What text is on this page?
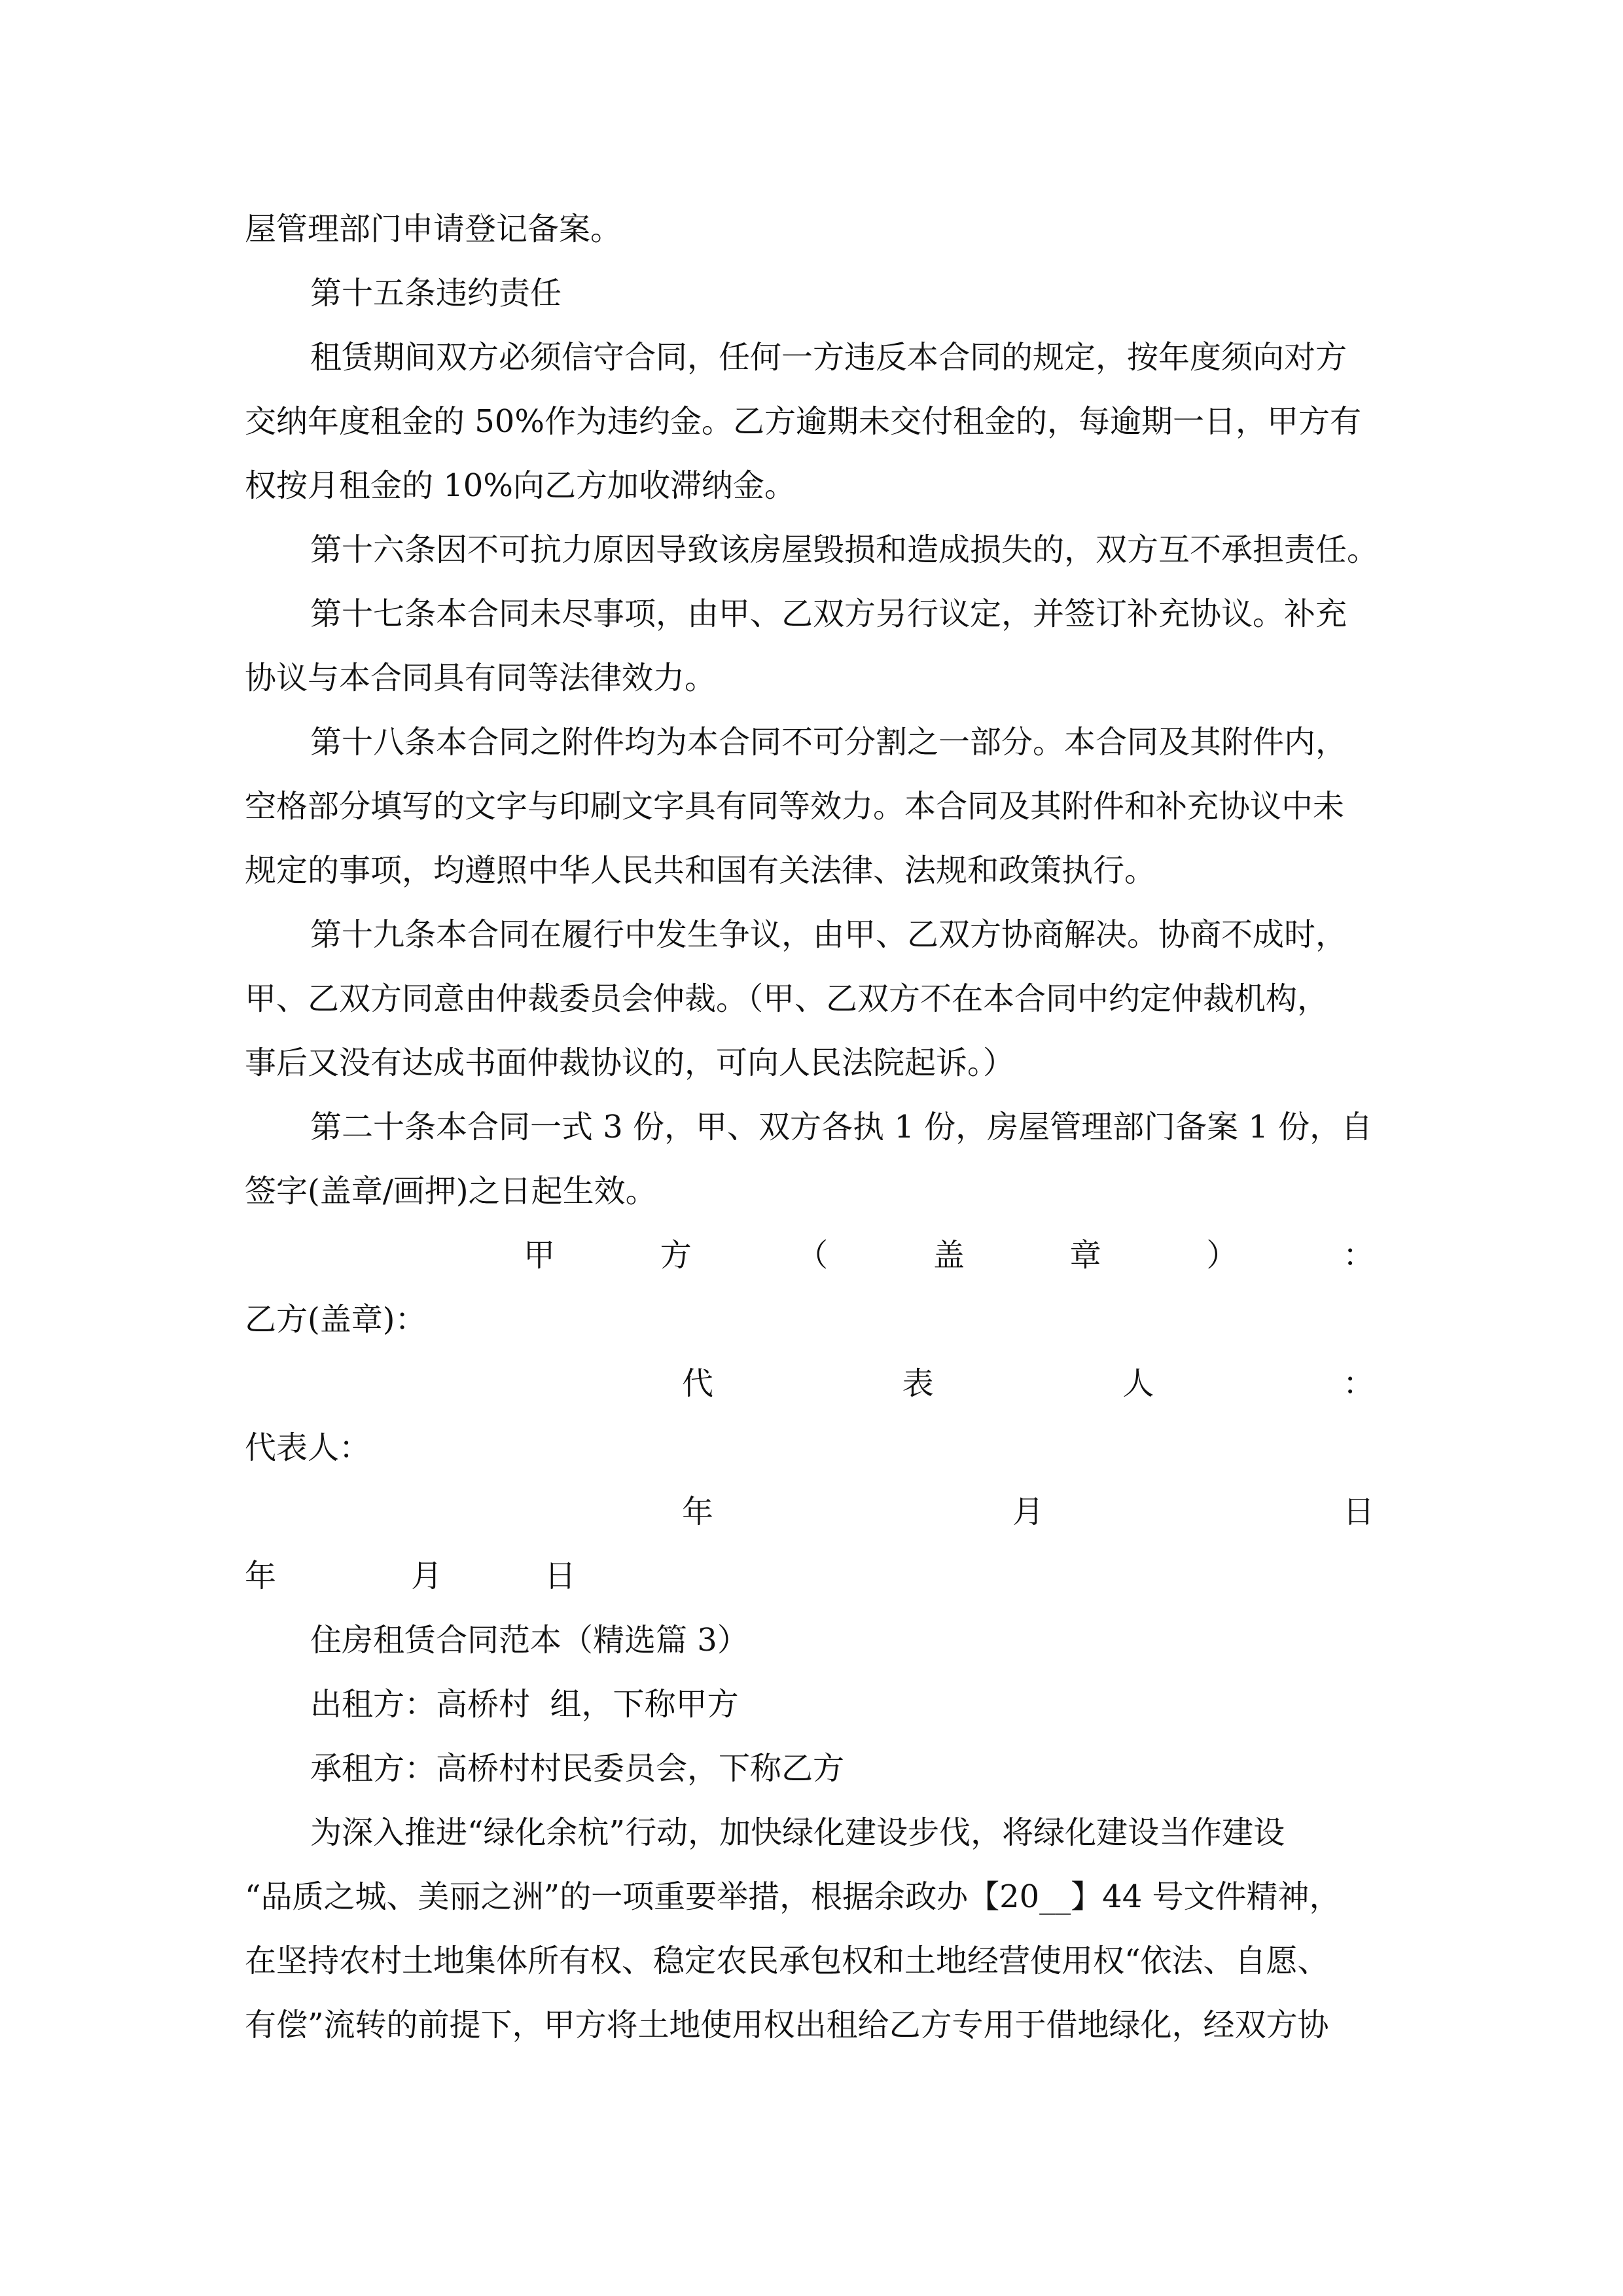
屋管理部门申请登记备案。
第十五条违约责任
租赁期间双方必须信守合同，任何一方违反本合同的规定，按年度须向对方
交纳年度租金的 50%作为违约金。乙方逾期未交付租金的，每逾期一日，甲方有
权按月租金的 10%向乙方加收滞纳金。
第十六条因不可抗力原因导致该房屋毁损和造成损失的，双方互不承担责任。
第十七条本合同未尽事项，由甲、乙双方另行议定，并签订补充协议。补充
协议与本合同具有同等法律效力。
第十八条本合同之附件均为本合同不可分割之一部分。本合同及其附件内，
空格部分填写的文字与印刷文字具有同等效力。本合同及其附件和补充协议中未
规定的事项，均遵照中华人民共和国有关法律、法规和政策执行。
第十九条本合同在履行中发生争议，由甲、乙双方协商解决。协商不成时，
甲、乙双方同意由仲裁委员会仲裁。（甲、乙双方不在本合同中约定仲裁机构，
事后又没有达成书面仲裁协议的，可向人民法院起诉。）
第二十条本合同一式 3 份，甲、双方各执 1 份，房屋管理部门备案 1 份，自
签字(盖章/画押)之日起生效。
甲	方	（	盖	章	）	：
乙方(盖章)：
代	表	人	：
代表人：
年	月	日
年	月	日
住房租赁合同范本（精选篇 3）
出租方：高桥村  组，下称甲方
承租方：高桥村村民委员会，下称乙方
为深入推进“绿化余杭”行动，加快绿化建设步伐，将绿化建设当作建设
“品质之城、美丽之洲”的一项重要举措，根据余政办【20__】44 号文件精神，
在坚持农村土地集体所有权、稳定农民承包权和土地经营使用权“依法、自愿、
有偿”流转的前提下，甲方将土地使用权出租给乙方专用于借地绿化，经双方协
